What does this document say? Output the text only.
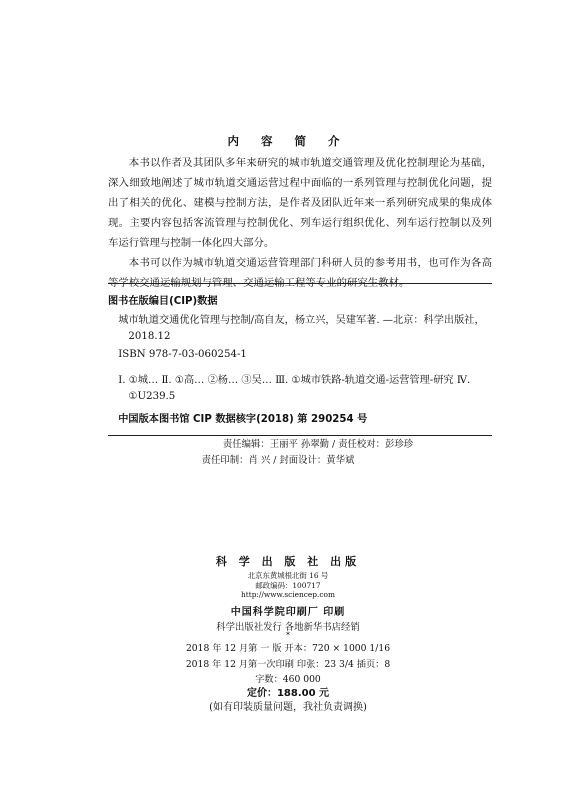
内 容 简 介

本书以作者及其团队多年来研究的城市轨道交通管理及优化控制理论为基础，深入细致地阐述了城市轨道交通运营过程中面临的一系列管理与控制优化问题，提出了相关的优化、建模与控制方法，是作者及团队近年来一系列研究成果的集成体现。主要内容包括客流管理与控制优化、列车运行组织优化、列车运行控制以及列车运行管理与控制一体化四大部分。

本书可以作为城市轨道交通运营管理部门科研人员的参考用书，也可作为各高等学校交通运输规划与管理、交通运输工程等专业的研究生教材。

图书在版编目(CIP)数据
城市轨道交通优化管理与控制/高自友，杨立兴，吴建军著. —北京：科学出版社，2018.12
ISBN 978-7-03-060254-1
Ⅰ. ①城… Ⅱ. ①高… ②杨… ③吴… Ⅲ. ①城市铁路-轨道交通-运营管理-研究 Ⅳ. ①U239.5
中国版本图书馆 CIP 数据核字(2018) 第 290254 号
责任编辑：王丽平 孙翠勤 / 责任校对：彭珍珍
责任印制：肖 兴 / 封面设计：黄华斌
科 学 出 版 社 出版
北京东黄城根北街 16 号
邮政编码：100717
http://www.sciencep.com
中国科学院印刷厂 印刷
科学出版社发行 各地新华书店经销
*
2018 年 12 月第 一 版 开本：720 × 1000 1/16
2018 年 12 月第一次印刷 印张：23 3/4 插页：8
字数：460 000
定价：188.00 元
(如有印装质量问题，我社负责调换)
